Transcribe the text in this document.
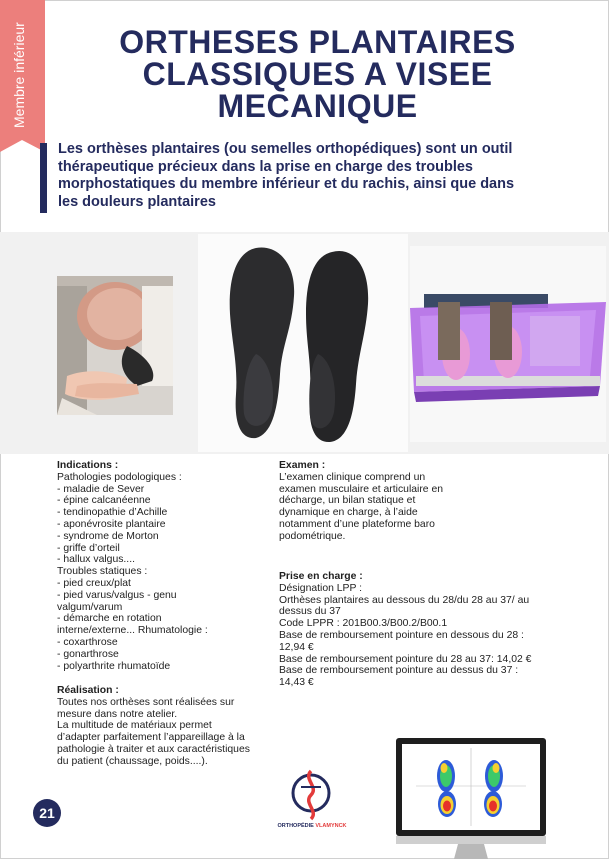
Membre inférieur	ORTHESES PLANTAIRES
CLASSIQUES A VISEE
MECANIQUE
Les orthèses plantaires (ou semelles orthopédiques) sont un outil
thérapeutique précieux dans la prise en charge des troubles
morphostatiques du membre inférieur et du rachis, ainsi que dans
les douleurs plantaires
Indications :
Pathologies podologiques :
- maladie de Sever
- épine calcanéenne
- tendinopathie d’Achille
- aponévrosite plantaire
- syndrome de Morton
- griffe d’orteil
- hallux valgus....
Troubles statiques :
- pied creux/plat
- pied varus/valgus - genu
valgum/varum
- démarche en rotation
interne/externe... Rhumatologie :
- coxarthrose
- gonarthrose
- polyarthrite rhumatoïde
Réalisation :
Toutes nos orthèses sont réalisées sur
mesure dans notre atelier.
La multitude de matériaux permet
d’adapter parfaitement l’appareillage à la
pathologie à traiter et aux caractéristiques
du patient (chaussage, poids....).
Examen :
L’examen clinique comprend un
examen musculaire et articulaire en
décharge, un bilan statique et
dynamique en charge, à l’aide
notamment d’une plateforme baro
podométrique.
Prise en charge :
Désignation LPP :
Orthèses plantaires au dessous du 28/du 28 au 37/ au
dessus du 37
Code LPPR : 201B00.3/B00.2/B00.1
Base de remboursement pointure en dessous du 28 :
12,94 €
Base de remboursement pointure du 28 au 37: 14,02 €
Base de remboursement pointure au dessus du 37 :
14,43 €
21
ORTHOPÉDIE VLAMYNCK
